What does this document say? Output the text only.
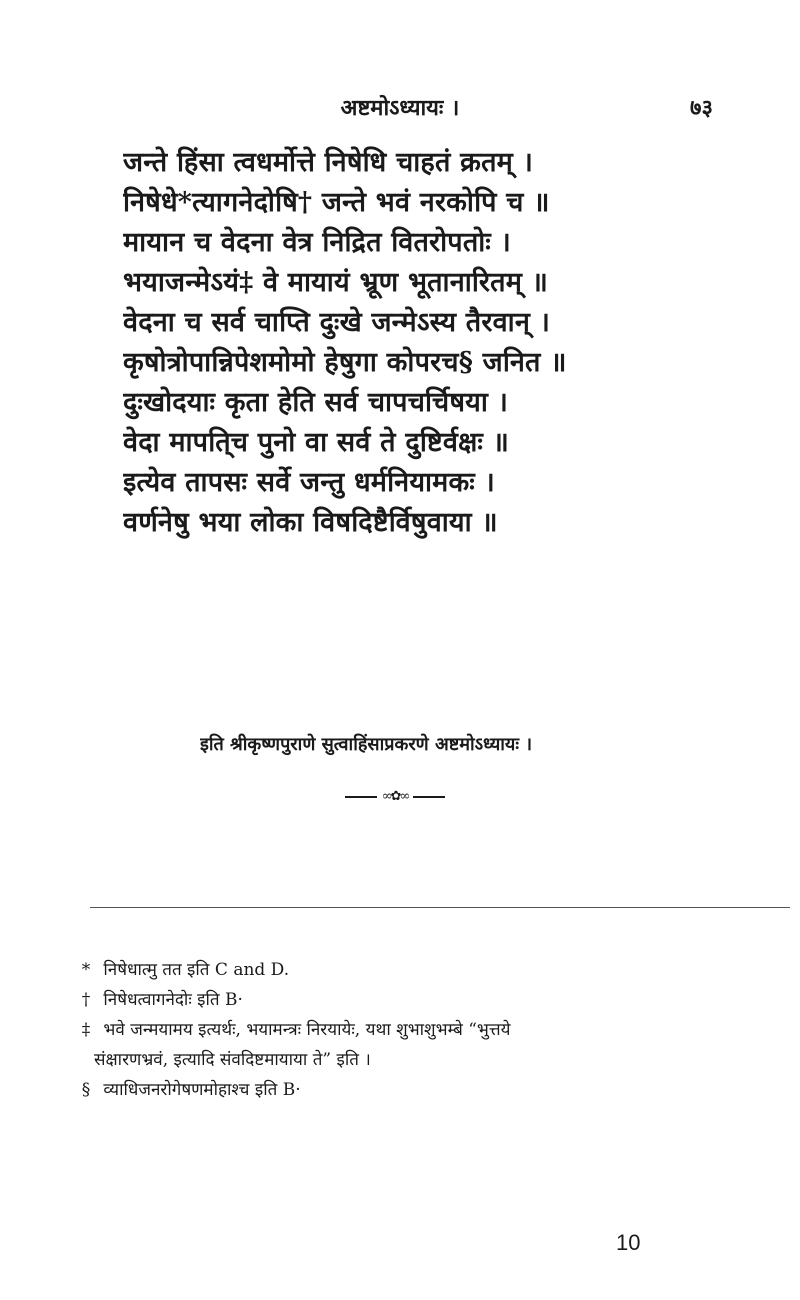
अष्टमोऽध्यायः ।	७३
जन्ते हिंसा त्वधर्मोत्ते निषेधि चाहतं क्रतम् ।
निषेधे*त्यागनेदोषि† जन्ते भवं नरकोपि च ॥
मायान च वेदना वेत्र निद्रित वितरोपतोः ।
भयाजन्मेऽयं‡ वे मायायं भ्रूण भूतानारितम् ॥
वेदना च सर्व चाप्ति दुःखे जन्मेऽस्य तैरवान् ।
कृषोत्रोपान्निपेशमोमो हेषुगा कोपरच§ जनित ॥
दुःखोदयाः कृता हेति सर्व चापचर्चिषया ।
वेदा मापति्च पुनो वा सर्व ते दुष्टिर्वक्षः ॥
इत्येव तापसः सर्वे जन्तु धर्मनियामकः ।
वर्णनेषु भया लोका विषदिष्टैर्विषुवाया ॥
इति श्रीकृष्णपुराणे सुत्वाहिंसाप्रकरणे अष्टमोऽध्यायः ।
∞✿∞
* निषेधात्मु तत इति C and D.
† निषेधत्वागनेदोः इति B·
‡ भवे जन्मयामय इत्यर्थः, भयामन्त्रः निरयायेः, यथा शुभाशुभम्बे “भुत्तये
संक्षारणभ्रवं, इत्यादि संवदिष्टमायाया ते” इति ।
§ व्याधिजनरोगेषणमोहाश्च इति B·
10
